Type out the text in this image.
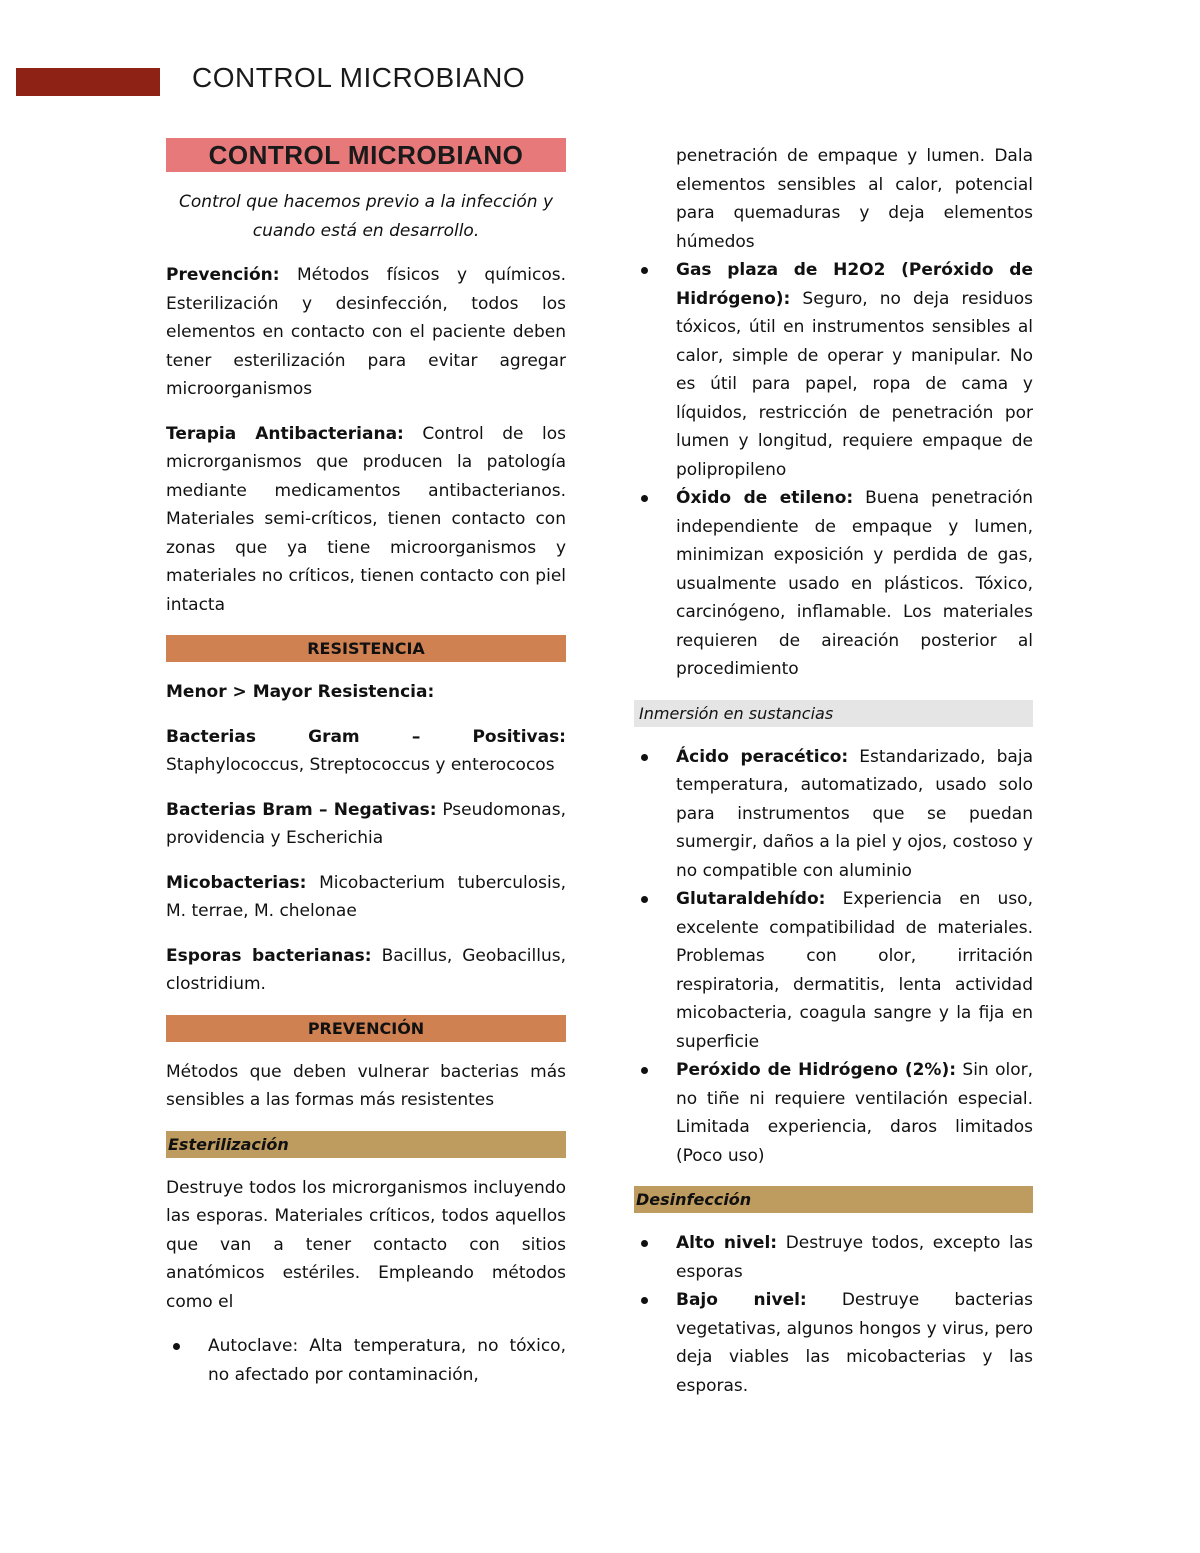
CONTROL MICROBIANO
CONTROL MICROBIANO

Control que hacemos previo a la infección y cuando está en desarrollo.

Prevención: Métodos físicos y químicos. Esterilización y desinfección, todos los elementos en contacto con el paciente deben tener esterilización para evitar agregar microorganismos

Terapia Antibacteriana: Control de los microrganismos que producen la patología mediante medicamentos antibacterianos. Materiales semi-críticos, tienen contacto con zonas que ya tiene microorganismos y materiales no críticos, tienen contacto con piel intacta

RESISTENCIA

Menor > Mayor Resistencia:

Bacterias Gram – Positivas: Staphylococcus, Streptococcus y enterococos

Bacterias Bram – Negativas: Pseudomonas, providencia y Escherichia

Micobacterias: Micobacterium tuberculosis, M. terrae, M. chelonae

Esporas bacterianas: Bacillus, Geobacillus, clostridium.

PREVENCIÓN

Métodos que deben vulnerar bacterias más sensibles a las formas más resistentes

Esterilización

Destruye todos los microrganismos incluyendo las esporas. Materiales críticos, todos aquellos que van a tener contacto con sitios anatómicos estériles. Empleando métodos como el

Autoclave: Alta temperatura, no tóxico, no afectado por contaminación,

penetración de empaque y lumen. Dala elementos sensibles al calor, potencial para quemaduras y deja elementos húmedos

Gas plaza de H2O2 (Peróxido de Hidrógeno): Seguro, no deja residuos tóxicos, útil en instrumentos sensibles al calor, simple de operar y manipular. No es útil para papel, ropa de cama y líquidos, restricción de penetración por lumen y longitud, requiere empaque de polipropileno
Óxido de etileno: Buena penetración independiente de empaque y lumen, minimizan exposición y perdida de gas, usualmente usado en plásticos. Tóxico, carcinógeno, inflamable. Los materiales requieren de aireación posterior al procedimiento
Inmersión en sustancias
Ácido peracético: Estandarizado, baja temperatura, automatizado, usado solo para instrumentos que se puedan sumergir, daños a la piel y ojos, costoso y no compatible con aluminio
Glutaraldehído: Experiencia en uso, excelente compatibilidad de materiales. Problemas con olor, irritación respiratoria, dermatitis, lenta actividad micobacteria, coagula sangre y la fija en superficie
Peróxido de Hidrógeno (2%): Sin olor, no tiñe ni requiere ventilación especial. Limitada experiencia, daros limitados (Poco uso)
Desinfección
Alto nivel: Destruye todos, excepto las esporas
Bajo nivel: Destruye bacterias vegetativas, algunos hongos y virus, pero deja viables las micobacterias y las esporas.
